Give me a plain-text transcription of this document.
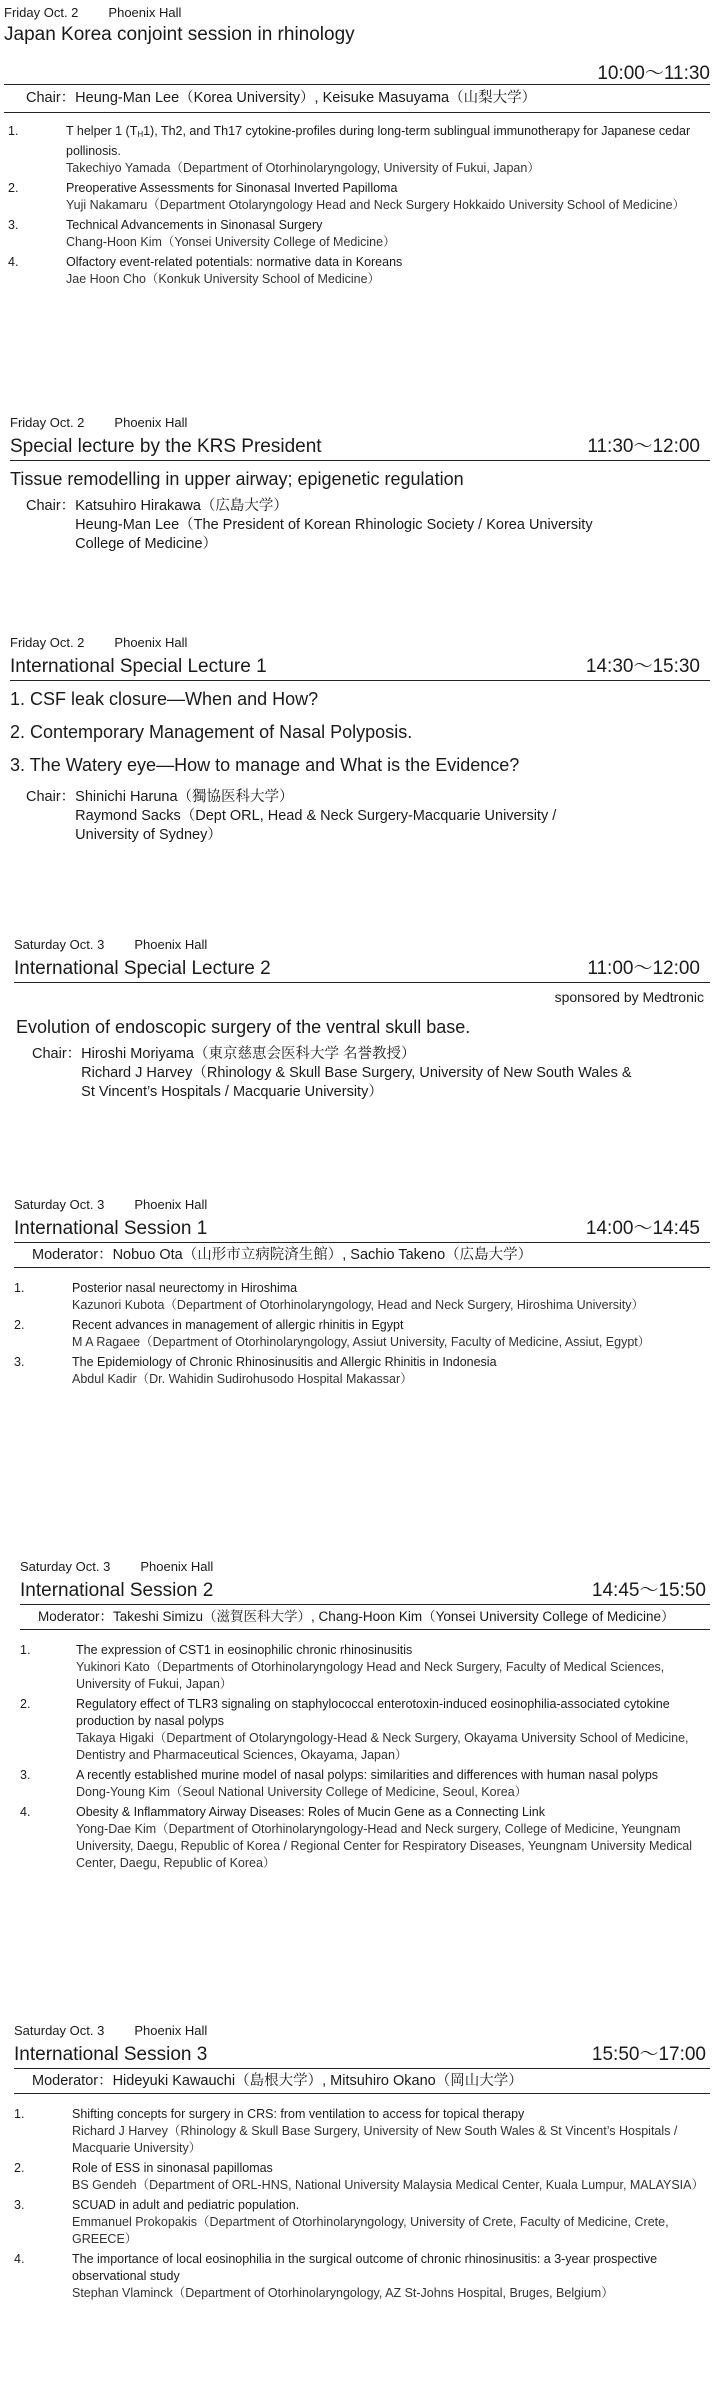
Friday Oct. 2 Phoenix Hall
Japan Korea conjoint session in rhinology
10:00～11:30
Chair： Heung-Man Lee（Korea University）, Keisuke Masuyama（山梨大学）
1.	T helper 1 $(T_H1)$, Th2, and Th17 cytokine-profiles during long-term sublingual immunotherapy for Japanese cedar pollinosis.
Takechiyo Yamada（Department of Otorhinolaryngology, University of Fukui, Japan）
2.	Preoperative Assessments for Sinonasal Inverted Papilloma
Yuji Nakamaru（Department Otolaryngology Head and Neck Surgery Hokkaido University School of Medicine）
3.	Technical Advancements in Sinonasal Surgery
Chang-Hoon Kim（Yonsei University College of Medicine）
4.	Olfactory event-related potentials: normative data in Koreans
Jae Hoon Cho（Konkuk University School of Medicine）
Friday Oct. 2 Phoenix Hall
Special lecture by the KRS President	11:30～12:00
Tissue remodelling in upper airway; epigenetic regulation
Chair： Katsuhiro Hirakawa（広島大学）
Heung-Man Lee（The President of Korean Rhinologic Society / Korea University
College of Medicine）
Friday Oct. 2 Phoenix Hall
International Special Lecture 1	14:30～15:30
1. CSF leak closure—When and How?
2. Contemporary Management of Nasal Polyposis.
3. The Watery eye—How to manage and What is the Evidence?
Chair： Shinichi Haruna（獨協医科大学）
Raymond Sacks（Dept ORL, Head & Neck Surgery-Macquarie University /
University of Sydney）
Saturday Oct. 3 Phoenix Hall
International Special Lecture 2	11:00～12:00
sponsored by Medtronic
Evolution of endoscopic surgery of the ventral skull base.
Chair： Hiroshi Moriyama（東京慈恵会医科大学 名誉教授）
Richard J Harvey（Rhinology & Skull Base Surgery, University of New South Wales &
St Vincent’s Hospitals / Macquarie University）
Saturday Oct. 3 Phoenix Hall
International Session 1	14:00～14:45
Moderator：Nobuo Ota（山形市立病院済生館）, Sachio Takeno（広島大学）
1.	Posterior nasal neurectomy in Hiroshima
Kazunori Kubota（Department of Otorhinolaryngology, Head and Neck Surgery, Hiroshima University）
2.	Recent advances in management of allergic rhinitis in Egypt
M A Ragaee（Department of Otorhinolaryngology, Assiut University, Faculty of Medicine, Assiut, Egypt）
3.	The Epidemiology of Chronic Rhinosinusitis and Allergic Rhinitis in Indonesia
Abdul Kadir（Dr. Wahidin Sudirohusodo Hospital Makassar）
Saturday Oct. 3 Phoenix Hall
International Session 2	14:45～15:50
Moderator：Takeshi Simizu（滋賀医科大学）, Chang-Hoon Kim（Yonsei University College of Medicine）
1.	The expression of CST1 in eosinophilic chronic rhinosinusitis
Yukinori Kato（Departments of Otorhinolaryngology Head and Neck Surgery, Faculty of Medical Sciences, University of Fukui, Japan）
2.	Regulatory effect of TLR3 signaling on staphylococcal enterotoxin-induced eosinophilia-associated cytokine production by nasal polyps
Takaya Higaki（Department of Otolaryngology-Head & Neck Surgery, Okayama University School of Medicine, Dentistry and Pharmaceutical Sciences, Okayama, Japan）
3.	A recently established murine model of nasal polyps: similarities and differences with human nasal polyps
Dong-Young Kim（Seoul National University College of Medicine, Seoul, Korea）
4.	Obesity & Inflammatory Airway Diseases: Roles of Mucin Gene as a Connecting Link
Yong-Dae Kim（Department of Otorhinolaryngology-Head and Neck surgery, College of Medicine, Yeungnam University, Daegu, Republic of Korea / Regional Center for Respiratory Diseases, Yeungnam University Medical Center, Daegu, Republic of Korea）
Saturday Oct. 3 Phoenix Hall
International Session 3	15:50～17:00
Moderator：Hideyuki Kawauchi（島根大学）, Mitsuhiro Okano（岡山大学）
1.	Shifting concepts for surgery in CRS: from ventilation to access for topical therapy
Richard J Harvey（Rhinology & Skull Base Surgery, University of New South Wales & St Vincent’s Hospitals / Macquarie University）
2.	Role of ESS in sinonasal papillomas
BS Gendeh（Department of ORL-HNS, National University Malaysia Medical Center, Kuala Lumpur, MALAYSIA）
3.	SCUAD in adult and pediatric population.
Emmanuel Prokopakis（Department of Otorhinolaryngology, University of Crete, Faculty of Medicine, Crete, GREECE）
4.	The importance of local eosinophilia in the surgical outcome of chronic rhinosinusitis: a 3-year prospective observational study
Stephan Vlaminck（Department of Otorhinolaryngology, AZ St-Johns Hospital, Bruges, Belgium）
